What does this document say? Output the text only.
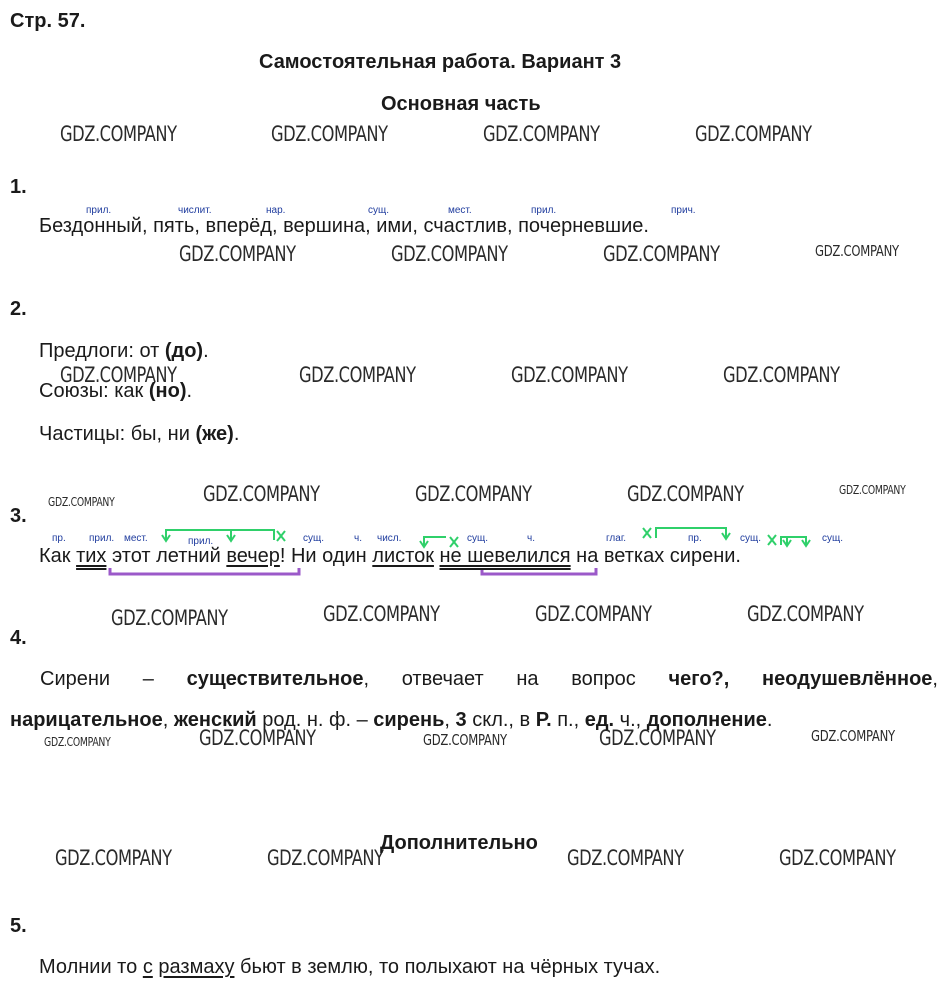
Стр. 57.
Самостоятельная работа. Вариант 3
Основная часть
GDZ.COMPANY	GDZ.COMPANY	GDZ.COMPANY	GDZ.COMPANY
GDZ.COMPANY	GDZ.COMPANY	GDZ.COMPANY	GDZ.COMPANY
GDZ.COMPANY	GDZ.COMPANY	GDZ.COMPANY	GDZ.COMPANY
GDZ.COMPANY	GDZ.COMPANY	GDZ.COMPANY	GDZ.COMPANY	GDZ.COMPANY
GDZ.COMPANY	GDZ.COMPANY	GDZ.COMPANY	GDZ.COMPANY
GDZ.COMPANY	GDZ.COMPANY	GDZ.COMPANY	GDZ.COMPANY	GDZ.COMPANY
GDZ.COMPANY	GDZ.COMPANY	GDZ.COMPANY	GDZ.COMPANY
1.
прил.	числит.	нар.	сущ.	мест.	прил.	прич.
Бездонный, пять, вперёд, вершина, ими, счастлив, почерневшие.
2.
Предлоги: от (до).
Союзы: как (но).
Частицы: бы, ни (же).
3.
пр. прил. мест.	прил.	сущ.	ч. числ.	сущ.	ч.	глаг.	пр.	сущ.	сущ.
Как тих этот летний вечер! Ни один листок не шевелился на ветках сирени.
4.
Сирени – существительное, отвечает на вопрос чего?, неодушевлённое,
нарицательное, женский род. н. ф. – сирень, 3 скл., в Р. п., ед. ч., дополнение.
Дополнительно
5.
Молнии то с размаху бьют в землю, то полыхают на чёрных тучах.
